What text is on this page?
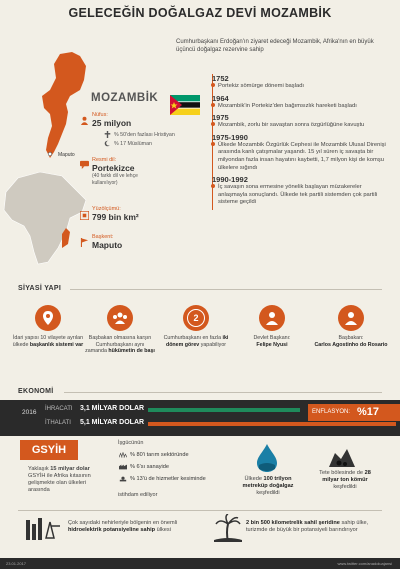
GELECEĞİN DOĞALGAZ DEVİ MOZAMBİK
Cumhurbaşkanı Erdoğan'ın ziyaret edeceği Mozambik, Afrika'nın en büyük üçüncü doğalgaz rezervine sahip
Maputo
MOZAMBİK
Nüfus:
25 milyon
% 50'den fazlası Hristiyan
% 17 Müslüman
Resmi dil:
Portekizce
(40 farklı dil ve lehçe kullanılıyor)
Yüzölçümü:
799 bin km²
Başkent:
Maputo
1752
Portekiz sömürge dönemi başladı
1964
Mozambik'in Portekiz'den bağımsızlık hareketi başladı
1975
Mozambik, zorlu bir savaştan sonra özgürlüğüne kavuştu
1975-1990
Ülkede Mozambik Özgürlük Cephesi ile Mozambik Ulusal Direnişi arasında kanlı çatışmalar yaşandı. 15 yıl süren iç savaşta bir milyondan fazla insan hayatını kaybetti, 1,7 milyon kişi de komşu ülkelere sığındı
1990-1992
İç savaşın sona ermesine yönelik başlayan müzakereler anlaşmayla sonuçlandı. Ülkede tek partili sistemden çok partili sisteme geçildi
SİYASİ YAPI
İdari yapısı 10 vilayete ayrılan ülkede başkanlık sistemi var
Başbakan olmasına karşın Cumhurbaşkanı aynı zamanda hükümetin de başı
2
Cumhurbaşkanı en fazla iki dönem görev yapabiliyor
Devlet Başkanı:
Felipe Nyusi
Başbakan:
Carlos Agostinho do Rosario
EKONOMİ
2016 İHRACATI 3,1 MİLYAR DOLAR
İTHALATI 5,1 MİLYAR DOLAR
ENFLASYON: %17
GSYİH
Yaklaşık 15 milyar dolar GSYİH ile Afrika kıtasının gelişmekte olan ülkeleri arasında
İşgücünün
% 80'i tarım sektöründe
% 6'sı sanayide
% 13'ü de hizmetler kesiminde
istihdam ediliyor
Ülkede 100 trilyon metreküp doğalgaz keşfedildi
Tete bölesinde de 28 milyar ton kömür keşfedildi
Çok sayıdaki nehirleriyle bölgenin en önemli hidroelektrik potansiyeline sahip ülkesi
2 bin 500 kilometrelik sahil şeridine sahip ülke, turizmde de büyük bir potansiyeli barındırıyor
23.01.2017	www.twitter.com/anadoluajansi
